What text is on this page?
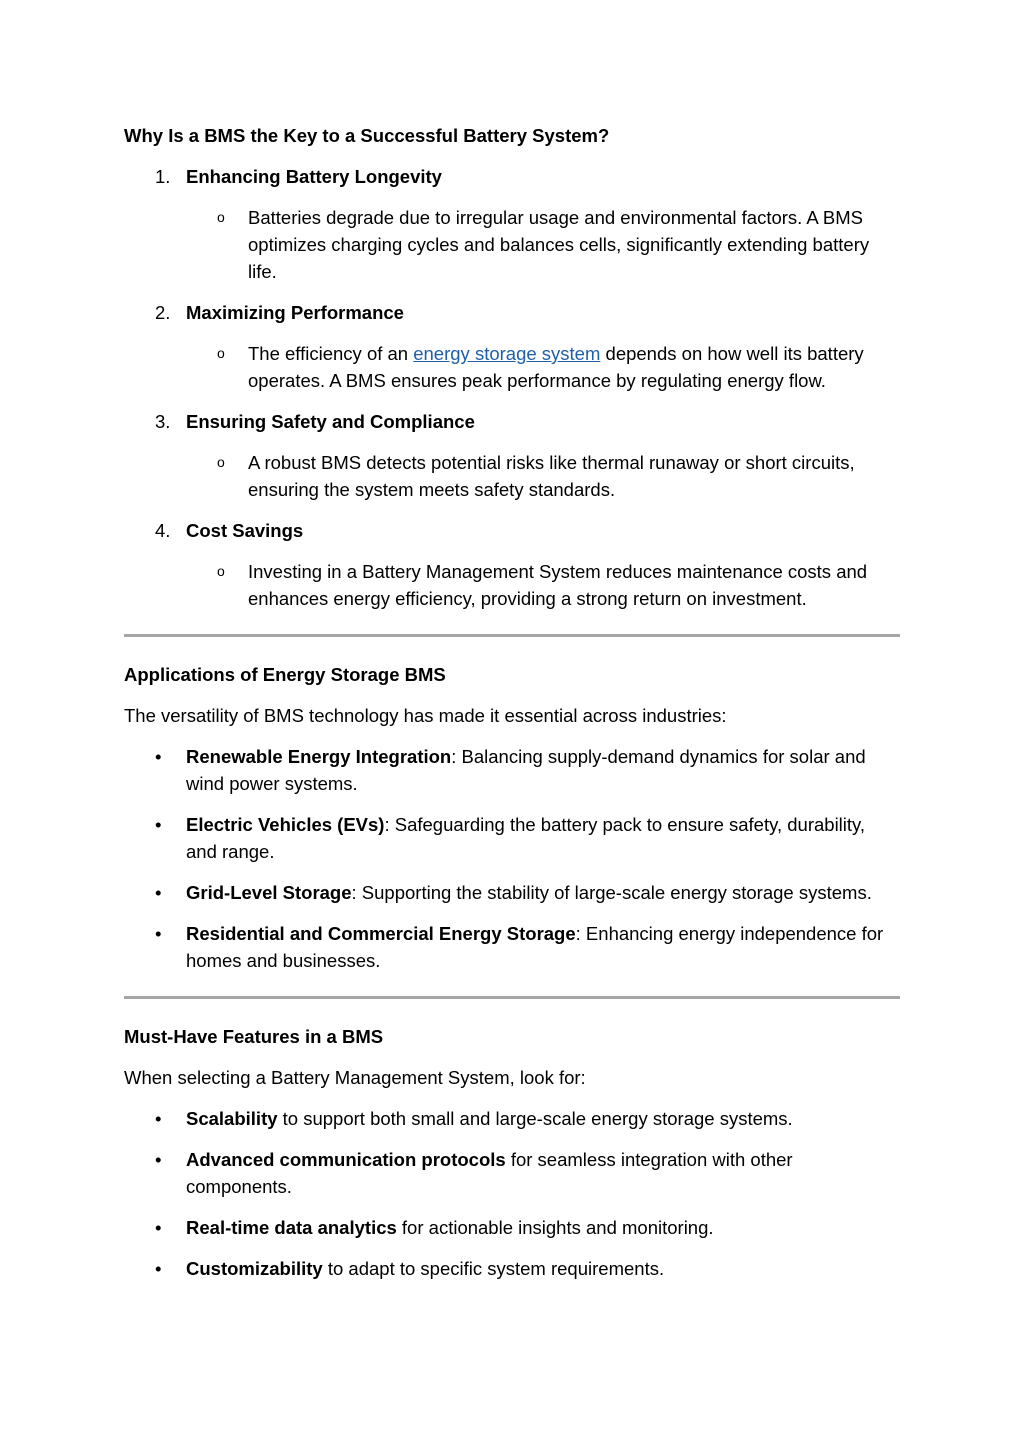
Why Is a BMS the Key to a Successful Battery System?
1. Enhancing Battery Longevity
o Batteries degrade due to irregular usage and environmental factors. A BMS optimizes charging cycles and balances cells, significantly extending battery life.
2. Maximizing Performance
o The efficiency of an energy storage system depends on how well its battery operates. A BMS ensures peak performance by regulating energy flow.
3. Ensuring Safety and Compliance
o A robust BMS detects potential risks like thermal runaway or short circuits, ensuring the system meets safety standards.
4. Cost Savings
o Investing in a Battery Management System reduces maintenance costs and enhances energy efficiency, providing a strong return on investment.
Applications of Energy Storage BMS
The versatility of BMS technology has made it essential across industries:
• Renewable Energy Integration: Balancing supply-demand dynamics for solar and wind power systems.
• Electric Vehicles (EVs): Safeguarding the battery pack to ensure safety, durability, and range.
• Grid-Level Storage: Supporting the stability of large-scale energy storage systems.
• Residential and Commercial Energy Storage: Enhancing energy independence for homes and businesses.
Must-Have Features in a BMS
When selecting a Battery Management System, look for:
• Scalability to support both small and large-scale energy storage systems.
• Advanced communication protocols for seamless integration with other components.
• Real-time data analytics for actionable insights and monitoring.
• Customizability to adapt to specific system requirements.
